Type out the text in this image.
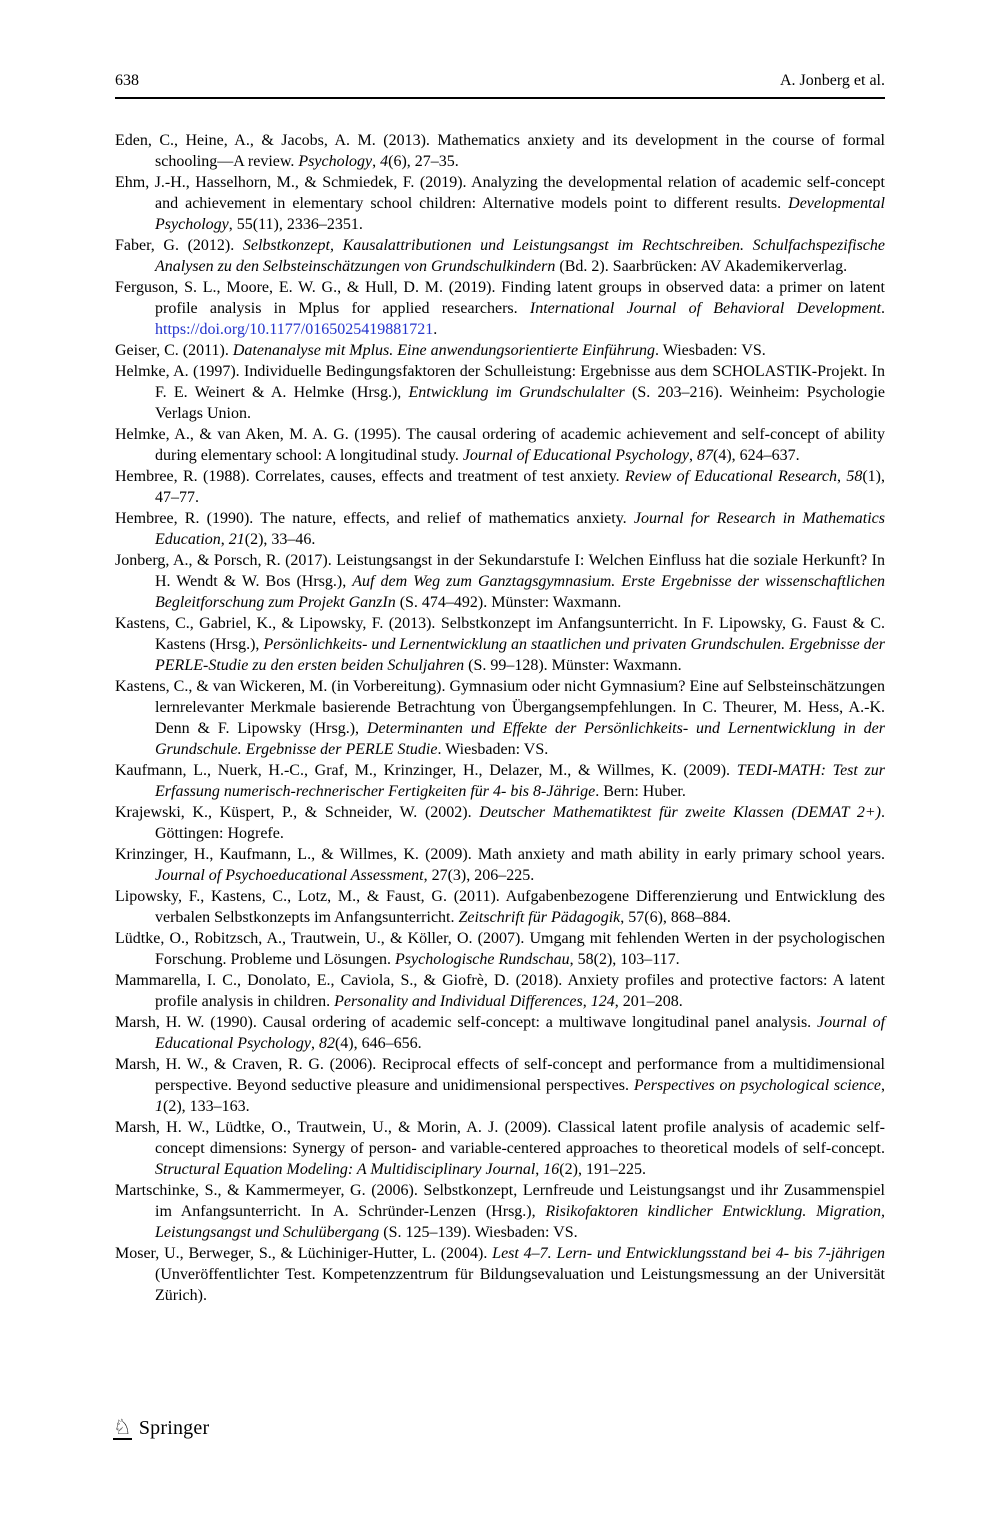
638	A. Jonberg et al.

Eden, C., Heine, A., & Jacobs, A. M. (2013). Mathematics anxiety and its development in the course of formal schooling—A review. Psychology, 4(6), 27–35.

Ehm, J.-H., Hasselhorn, M., & Schmiedek, F. (2019). Analyzing the developmental relation of academic self-concept and achievement in elementary school children: Alternative models point to different results. Developmental Psychology, 55(11), 2336–2351.

Faber, G. (2012). Selbstkonzept, Kausalattributionen und Leistungsangst im Rechtschreiben. Schulfachspezifische Analysen zu den Selbsteinschätzungen von Grundschulkindern (Bd. 2). Saarbrücken: AV Akademikerverlag.

Ferguson, S. L., Moore, E. W. G., & Hull, D. M. (2019). Finding latent groups in observed data: a primer on latent profile analysis in Mplus for applied researchers. International Journal of Behavioral Development. https://doi.org/10.1177/0165025419881721.

Geiser, C. (2011). Datenanalyse mit Mplus. Eine anwendungsorientierte Einführung. Wiesbaden: VS.

Helmke, A. (1997). Individuelle Bedingungsfaktoren der Schulleistung: Ergebnisse aus dem SCHOLASTIK-Projekt. In F. E. Weinert & A. Helmke (Hrsg.), Entwicklung im Grundschulalter (S. 203–216). Weinheim: Psychologie Verlags Union.

Helmke, A., & van Aken, M. A. G. (1995). The causal ordering of academic achievement and self-concept of ability during elementary school: A longitudinal study. Journal of Educational Psychology, 87(4), 624–637.

Hembree, R. (1988). Correlates, causes, effects and treatment of test anxiety. Review of Educational Research, 58(1), 47–77.

Hembree, R. (1990). The nature, effects, and relief of mathematics anxiety. Journal for Research in Mathematics Education, 21(2), 33–46.

Jonberg, A., & Porsch, R. (2017). Leistungsangst in der Sekundarstufe I: Welchen Einfluss hat die soziale Herkunft? In H. Wendt & W. Bos (Hrsg.), Auf dem Weg zum Ganztagsgymnasium. Erste Ergebnisse der wissenschaftlichen Begleitforschung zum Projekt GanzIn (S. 474–492). Münster: Waxmann.

Kastens, C., Gabriel, K., & Lipowsky, F. (2013). Selbstkonzept im Anfangsunterricht. In F. Lipowsky, G. Faust & C. Kastens (Hrsg.), Persönlichkeits- und Lernentwicklung an staatlichen und privaten Grundschulen. Ergebnisse der PERLE-Studie zu den ersten beiden Schuljahren (S. 99–128). Münster: Waxmann.

Kastens, C., & van Wickeren, M. (in Vorbereitung). Gymnasium oder nicht Gymnasium? Eine auf Selbsteinschätzungen lernrelevanter Merkmale basierende Betrachtung von Übergangsempfehlungen. In C. Theurer, M. Hess, A.-K. Denn & F. Lipowsky (Hrsg.), Determinanten und Effekte der Persönlichkeits- und Lernentwicklung in der Grundschule. Ergebnisse der PERLE Studie. Wiesbaden: VS.

Kaufmann, L., Nuerk, H.-C., Graf, M., Krinzinger, H., Delazer, M., & Willmes, K. (2009). TEDI-MATH: Test zur Erfassung numerisch-rechnerischer Fertigkeiten für 4- bis 8-Jährige. Bern: Huber.

Krajewski, K., Küspert, P., & Schneider, W. (2002). Deutscher Mathematiktest für zweite Klassen (DEMAT 2+). Göttingen: Hogrefe.

Krinzinger, H., Kaufmann, L., & Willmes, K. (2009). Math anxiety and math ability in early primary school years. Journal of Psychoeducational Assessment, 27(3), 206–225.

Lipowsky, F., Kastens, C., Lotz, M., & Faust, G. (2011). Aufgabenbezogene Differenzierung und Entwicklung des verbalen Selbstkonzepts im Anfangsunterricht. Zeitschrift für Pädagogik, 57(6), 868–884.

Lüdtke, O., Robitzsch, A., Trautwein, U., & Köller, O. (2007). Umgang mit fehlenden Werten in der psychologischen Forschung. Probleme und Lösungen. Psychologische Rundschau, 58(2), 103–117.

Mammarella, I. C., Donolato, E., Caviola, S., & Giofrè, D. (2018). Anxiety profiles and protective factors: A latent profile analysis in children. Personality and Individual Differences, 124, 201–208.

Marsh, H. W. (1990). Causal ordering of academic self-concept: a multiwave longitudinal panel analysis. Journal of Educational Psychology, 82(4), 646–656.

Marsh, H. W., & Craven, R. G. (2006). Reciprocal effects of self-concept and performance from a multidimensional perspective. Beyond seductive pleasure and unidimensional perspectives. Perspectives on psychological science, 1(2), 133–163.

Marsh, H. W., Lüdtke, O., Trautwein, U., & Morin, A. J. (2009). Classical latent profile analysis of academic self-concept dimensions: Synergy of person- and variable-centered approaches to theoretical models of self-concept. Structural Equation Modeling: A Multidisciplinary Journal, 16(2), 191–225.

Martschinke, S., & Kammermeyer, G. (2006). Selbstkonzept, Lernfreude und Leistungsangst und ihr Zusammenspiel im Anfangsunterricht. In A. Schründer-Lenzen (Hrsg.), Risikofaktoren kindlicher Entwicklung. Migration, Leistungsangst und Schulübergang (S. 125–139). Wiesbaden: VS.

Moser, U., Berweger, S., & Lüchiniger-Hutter, L. (2004). Lest 4–7. Lern- und Entwicklungsstand bei 4- bis 7-jährigen (Unveröffentlichter Test. Kompetenzzentrum für Bildungsevaluation und Leistungsmessung an der Universität Zürich).

♘ Springer
